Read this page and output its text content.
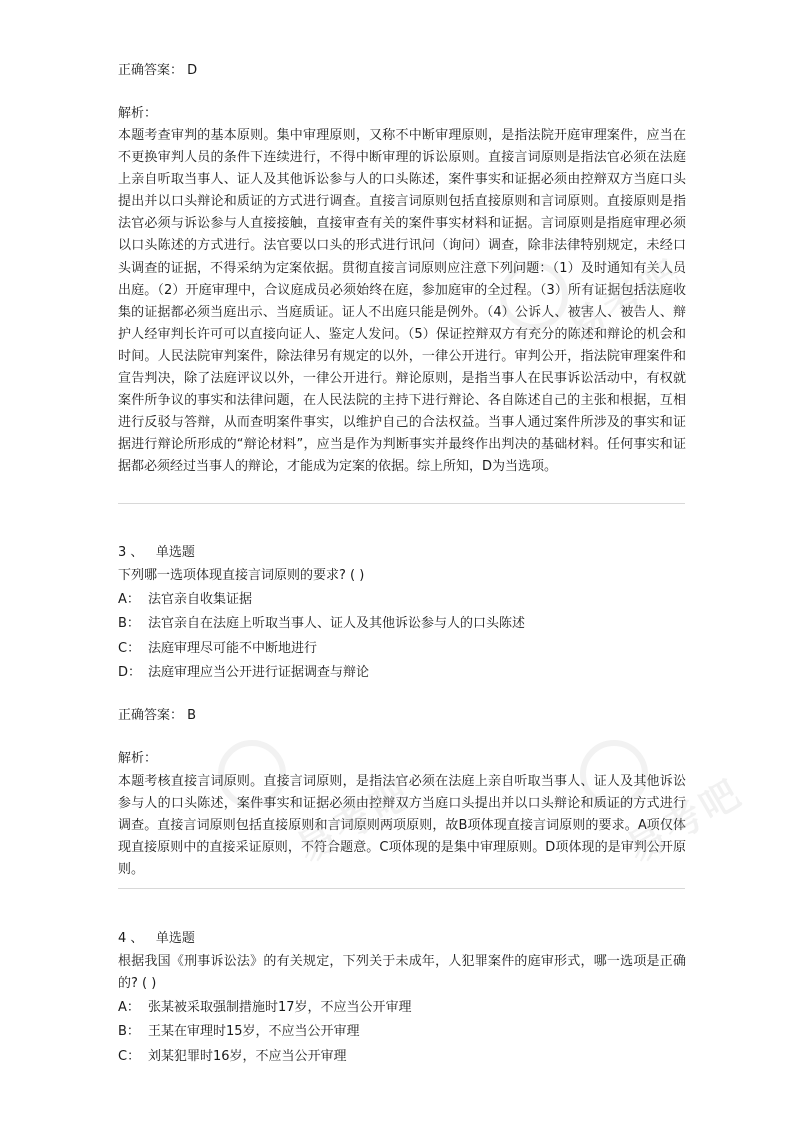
正确答案： D
解析：
本题考查审判的基本原则。集中审理原则，又称不中断审理原则，是指法院开庭审理案件，应当在不更换审判人员的条件下连续进行，不得中断审理的诉讼原则。直接言词原则是指法官必须在法庭上亲自听取当事人、证人及其他诉讼参与人的口头陈述，案件事实和证据必须由控辩双方当庭口头提出并以口头辩论和质证的方式进行调查。直接言词原则包括直接原则和言词原则。直接原则是指法官必须与诉讼参与人直接接触，直接审查有关的案件事实材料和证据。言词原则是指庭审理必须以口头陈述的方式进行。法官要以口头的形式进行讯问（询问）调查，除非法律特别规定，未经口头调查的证据，不得采纳为定案依据。贯彻直接言词原则应注意下列问题：（1）及时通知有关人员出庭。（2）开庭审理中，合议庭成员必须始终在庭，参加庭审的全过程。（3）所有证据包括法庭收集的证据都必须当庭出示、当庭质证。证人不出庭只能是例外。（4）公诉人、被害人、被告人、辩护人经审判长许可可以直接向证人、鉴定人发问。（5）保证控辩双方有充分的陈述和辩论的机会和时间。人民法院审判案件，除法律另有规定的以外，一律公开进行。审判公开，指法院审理案件和宣告判决，除了法庭评议以外，一律公开进行。辩论原则，是指当事人在民事诉讼活动中，有权就案件所争议的事实和法律问题，在人民法院的主持下进行辩论、各自陈述自己的主张和根据，互相进行反驳与答辩，从而查明案件事实，以维护自己的合法权益。当事人通过案件所涉及的事实和证据进行辩论所形成的“辩论材料”，应当是作为判断事实并最终作出判决的基础材料。任何事实和证据都必须经过当事人的辩论，才能成为定案的依据。综上所知，D为当选项。
3 、 单选题
下列哪一选项体现直接言词原则的要求? ( )
A： 法官亲自收集证据
B： 法官亲自在法庭上听取当事人、证人及其他诉讼参与人的口头陈述
C： 法庭审理尽可能不中断地进行
D： 法庭审理应当公开进行证据调查与辩论
正确答案： B
解析：
本题考核直接言词原则。直接言词原则，是指法官必须在法庭上亲自听取当事人、证人及其他诉讼参与人的口头陈述，案件事实和证据必须由控辩双方当庭口头提出并以口头辩论和质证的方式进行调查。直接言词原则包括直接原则和言词原则两项原则，故B项体现直接言词原则的要求。A项仅体现直接原则中的直接采证原则，不符合题意。C项体现的是集中审理原则。D项体现的是审判公开原则。
4 、 单选题
根据我国《刑事诉讼法》的有关规定，下列关于未成年，人犯罪案件的庭审形式，哪一选项是正确的? ( )
A： 张某被采取强制措施时17岁，不应当公开审理
B： 王某在审理时15岁，不应当公开审理
C： 刘某犯罪时16岁，不应当公开审理
易考吧
易考吧	易考吧
